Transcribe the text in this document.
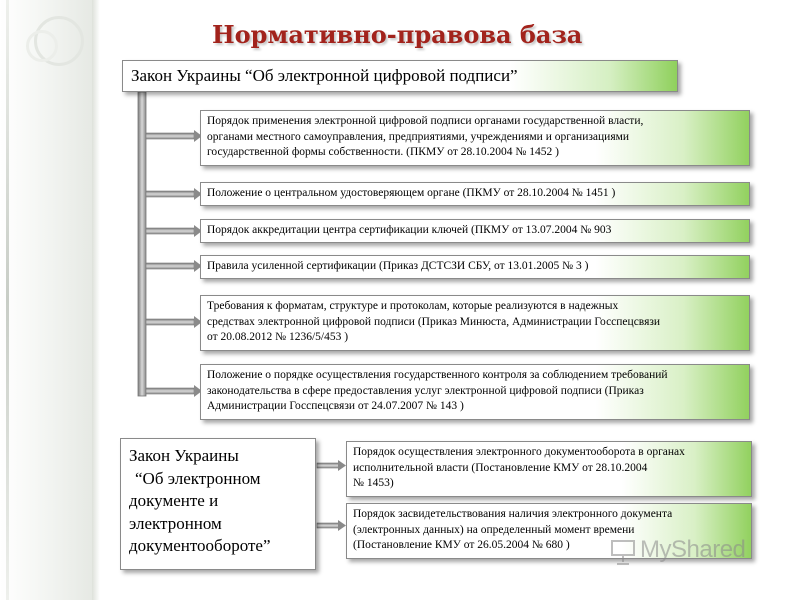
Нормативно-правова база
Закон Украины “Об электронной цифровой подписи”
Порядок применения электронной цифровой подписи органами государственной власти,
органами местного самоуправления, предприятиями, учреждениями и организациями
государственной формы собственности. (ПКМУ от 28.10.2004 № 1452 )
Положение о центральном удостоверяющем органе (ПКМУ от 28.10.2004 № 1451 )
Порядок аккредитации центра сертификации ключей (ПКМУ от 13.07.2004 № 903
Правила усиленной сертификации (Приказ ДСТСЗИ СБУ, от 13.01.2005 № 3 )
Требования к форматам, структуре и протоколам, которые реализуются в надежных
средствах электронной цифровой подписи (Приказ Минюста, Администрации Госспецсвязи
от 20.08.2012 № 1236/5/453 )
Положение о порядке осуществления государственного контроля за соблюдением требований
законодательства в сфере предоставления услуг электронной цифровой подписи (Приказ
Администрации Госспецсвязи от 24.07.2007 № 143 )
Закон Украины
“Об электронном
документе и
электронном
документообороте”
Порядок осуществления электронного документооборота в органах
исполнительной власти (Постановление КМУ от 28.10.2004
№ 1453)
Порядок засвидетельствования наличия электронного документа
(электронных данных) на определенный момент времени
(Постановление КМУ от 26.05.2004 № 680 )	MyShared
